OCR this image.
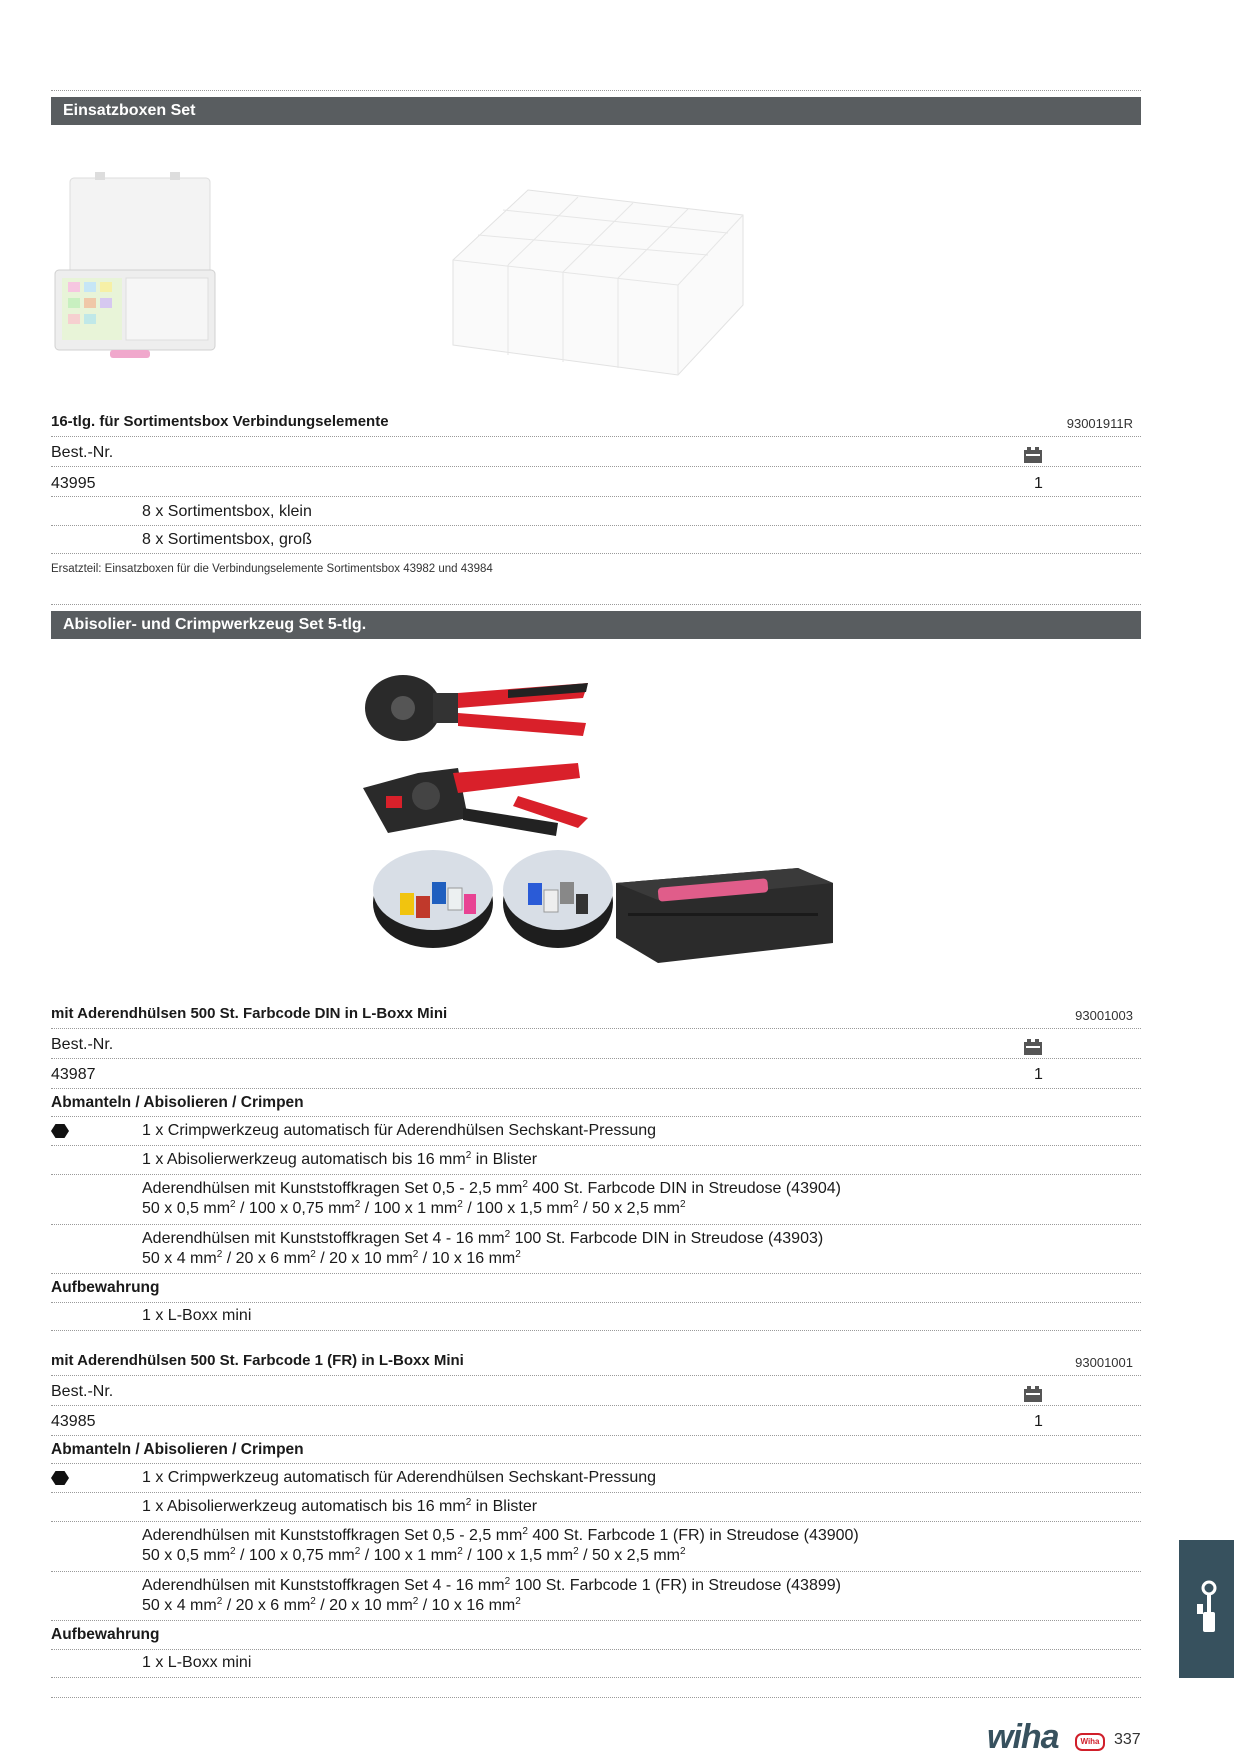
Einsatzboxen Set
16-tlg. für Sortimentsbox Verbindungselemente	93001911R
Best.-Nr.
43995	1
8 x Sortimentsbox, klein
8 x Sortimentsbox, groß
Ersatzteil: Einsatzboxen für die Verbindungselemente Sortimentsbox 43982 und 43984
Abisolier- und Crimpwerkzeug Set 5-tlg.
mit Aderendhülsen 500 St. Farbcode DIN in L-Boxx Mini	93001003
Best.-Nr.
43987	1
Abmanteln / Abisolieren / Crimpen
1 x Crimpwerkzeug automatisch für Aderendhülsen Sechskant-Pressung
1 x Abisolierwerkzeug automatisch bis 16 $mm^2$ in Blister
Aderendhülsen mit Kunststoffkragen Set 0,5 - 2,5 $mm^2$ 400 St. Farbcode DIN in Streudose (43904)
50 x 0,5 $mm^2 / 100$ x 0,75 $mm^2 / 100$ x 1 $mm^2 / 100$ x 1,5 $mm^2 / 50$ x 2,5 $mm^2$
Aderendhülsen mit Kunststoffkragen Set 4 - 16 $mm^2$ 100 St. Farbcode DIN in Streudose (43903)
50 x 4 $mm^2 / 20$ x 6 $mm^2 / 20$ x 10 $mm^2 / 10$ x 16 $mm^2$
Aufbewahrung
1 x L-Boxx mini
mit Aderendhülsen 500 St. Farbcode 1 (FR) in L-Boxx Mini	93001001
Best.-Nr.
43985	1
Abmanteln / Abisolieren / Crimpen
1 x Crimpwerkzeug automatisch für Aderendhülsen Sechskant-Pressung
1 x Abisolierwerkzeug automatisch bis 16 $mm^2$ in Blister
Aderendhülsen mit Kunststoffkragen Set 0,5 - 2,5 $mm^2$ 400 St. Farbcode 1 (FR) in Streudose (43900)
50 x 0,5 $mm^2 / 100$ x 0,75 $mm^2 / 100$ x 1 $mm^2 / 100$ x 1,5 $mm^2 / 50$ x 2,5 $mm^2$
Aderendhülsen mit Kunststoffkragen Set 4 - 16 $mm^2$ 100 St. Farbcode 1 (FR) in Streudose (43899)
50 x 4 $mm^2 / 20$ x 6 $mm^2 / 20$ x 10 $mm^2 / 10$ x 16 $mm^2$
Aufbewahrung
1 x L-Boxx mini
wiha	Wiha 337
